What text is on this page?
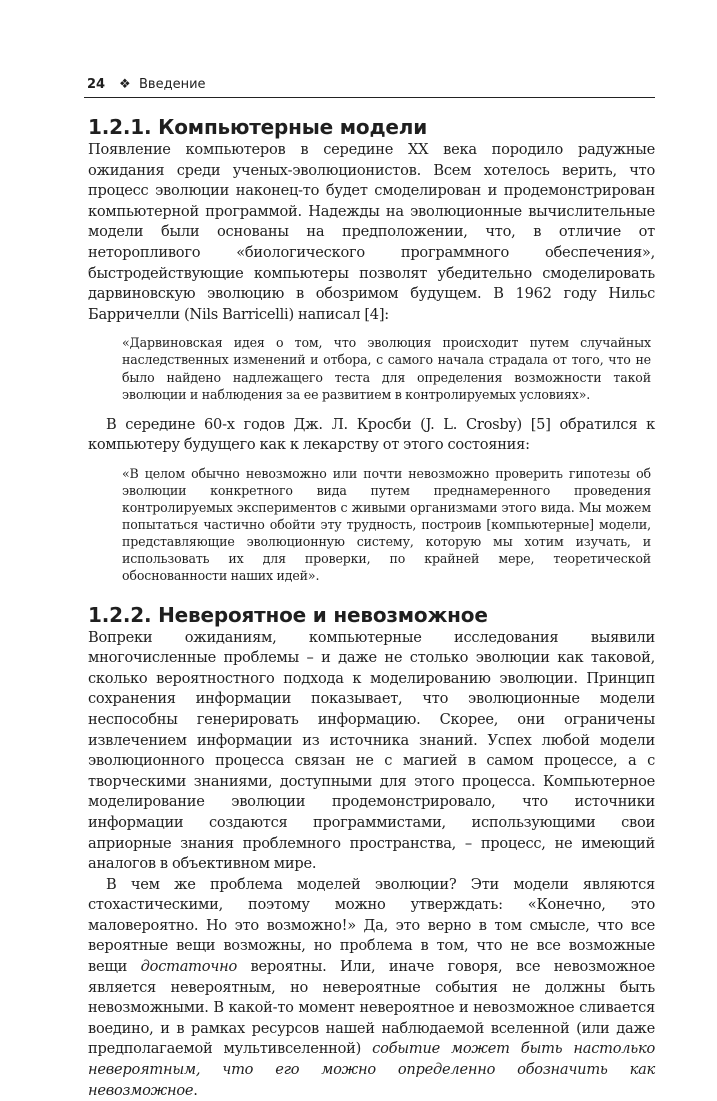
24	❖ Введение
1.2.1. Компьютерные модели

Появление компьютеров в середине XX века породило радужные ожидания среди ученых-эволюционистов. Всем хотелось верить, что процесс эволюции наконец-то будет смоделирован и продемонстрирован компьютерной программой. Надежды на эволюционные вычислительные модели были основаны на предположении, что, в отличие от неторопливого «биологического программного обеспечения», быстродействующие компьютеры позволят убедительно смоделировать дарвиновскую эволюцию в обозримом будущем. В 1962 году Нильс Барричелли (Nils Barricelli) написал [4]:

«Дарвиновская идея о том, что эволюция происходит путем случайных наследственных изменений и отбора, с самого начала страдала от того, что не было найдено надлежащего теста для определения возможности такой эволюции и наблюдения за ее развитием в контролируемых условиях».

В середине 60-х годов Дж. Л. Кросби (J. L. Crosby) [5] обратился к компьютеру будущего как к лекарству от этого состояния:

«В целом обычно невозможно или почти невозможно проверить гипотезы об эволюции конкретного вида путем преднамеренного проведения контролируемых экспериментов с живыми организмами этого вида. Мы можем попытаться частично обойти эту трудность, построив [компьютерные] модели, представляющие эволюционную систему, которую мы хотим изучать, и использовать их для проверки, по крайней мере, теоретической обоснованности наших идей».

1.2.2. Невероятное и невозможное

Вопреки ожиданиям, компьютерные исследования выявили многочисленные проблемы – и даже не столько эволюции как таковой, сколько вероятностного подхода к моделированию эволюции. Принцип сохранения информации показывает, что эволюционные модели неспособны генерировать информацию. Скорее, они ограничены извлечением информации из источника знаний. Успех любой модели эволюционного процесса связан не с магией в самом процессе, а с творческими знаниями, доступными для этого процесса. Компьютерное моделирование эволюции продемонстрировало, что источники информации создаются программистами, использующими свои априорные знания проблемного пространства, – процесс, не имеющий аналогов в объективном мире.

В чем же проблема моделей эволюции? Эти модели являются стохастическими, поэтому можно утверждать: «Конечно, это маловероятно. Но это возможно!» Да, это верно в том смысле, что все вероятные вещи возможны, но проблема в том, что не все возможные вещи достаточно вероятны. Или, иначе говоря, все невозможное является невероятным, но невероятные события не должны быть невозможными. В какой-то момент невероятное и невозможное сливается воедино, и в рамках ресурсов нашей наблюдаемой вселенной (или даже предполагаемой мультивселенной) событие может быть настолько невероятным, что его можно определенно обозначить как невозможное.
